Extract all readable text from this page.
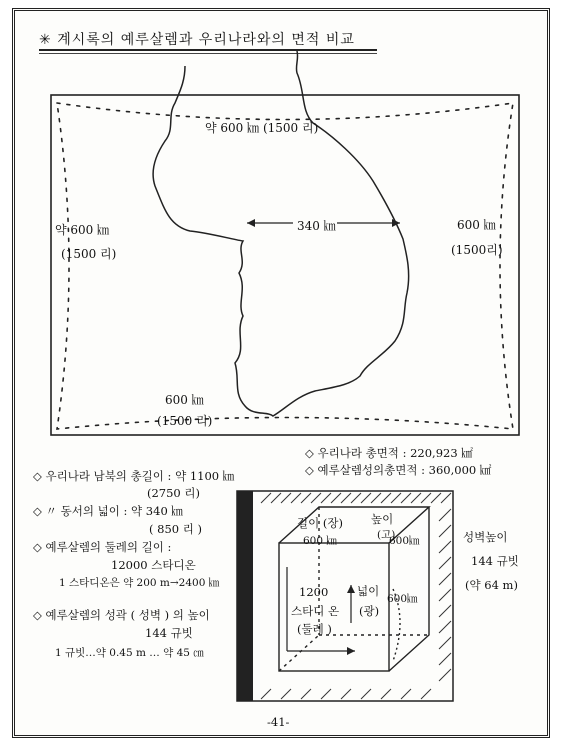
✳ 계시록의 예루살렘과 우리나라와의 면적 비교
약 600 ㎞ (1500 리)
약 600 ㎞
(1500 리)
340 ㎞	600 ㎞
(1500리)
600 ㎞
(1500 리)
◇ 우리나라 총면적 : 220,923 ㎢
◇ 예루살렘성의총면적 : 360,000 ㎢
◇ 우리나라 남북의 총길이 : 약 1100 ㎞
(2750 리)
◇ 〃 동서의 넓이 : 약 340 ㎞
( 850 리 )
◇ 예루살렘의 둘레의 길이 :
12000 스타디온
1 스타디온은 약 200 m→2400 ㎞
◇ 예루살렘의 성곽 ( 성벽 ) 의 높이
144 규빗
1 규빗…약 0.45 m … 약 45 ㎝
길이 (장) 높이
(고)
600 ㎞	600㎞
1200
스타디 온
(둘레 )
넓이
(광)
600㎞
성벽높이
144 규빗
(약 64 m)
-41-
